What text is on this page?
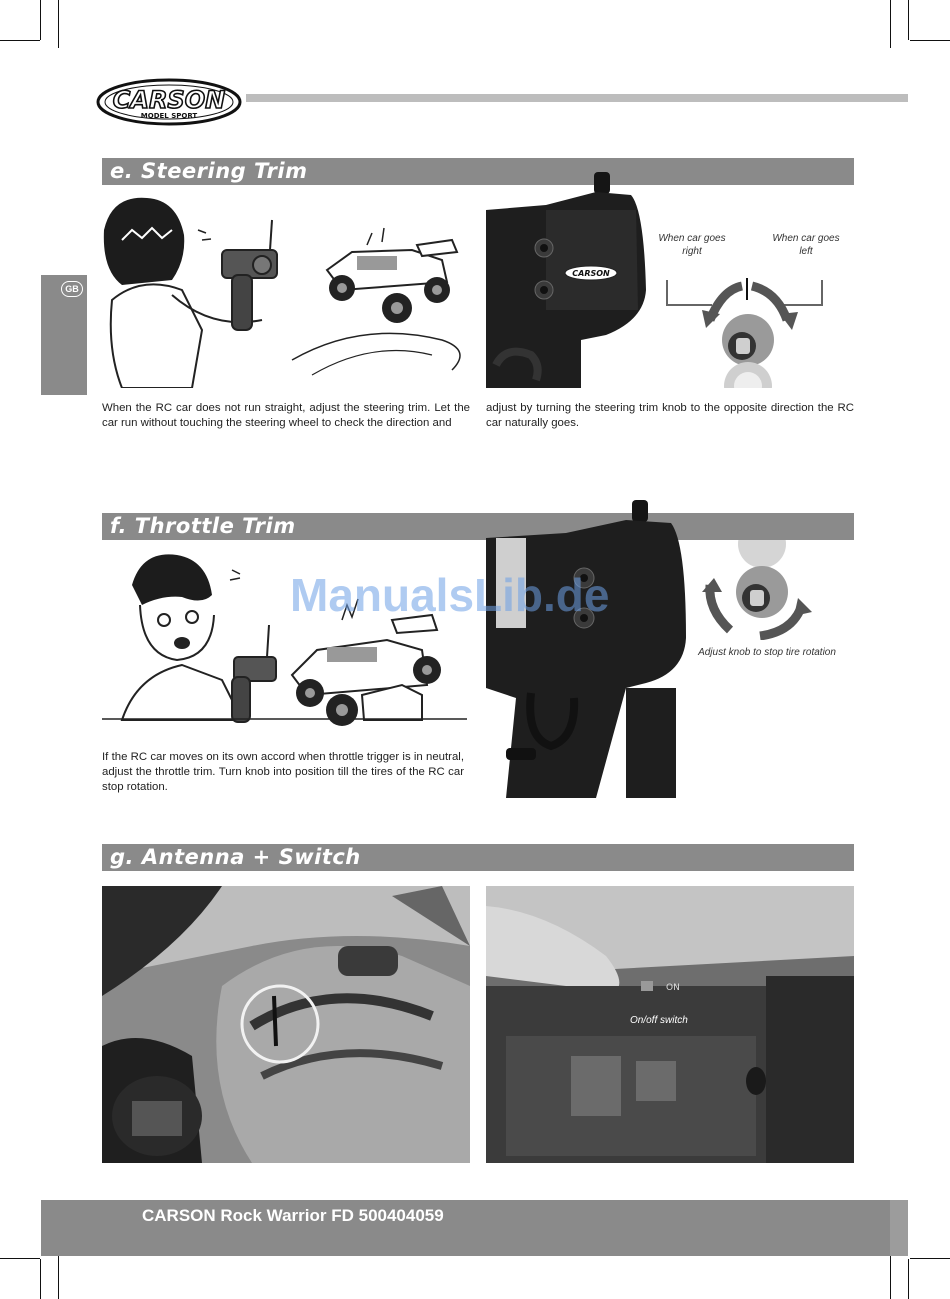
CARSON
MODEL SPORT
GB
e. Steering Trim
CARSON
When car goes right
When car goes left
When the RC car does not run straight, adjust the steering trim. Let the car run without touching the steering wheel to check the direction and
adjust by turning the steering trim knob to the opposite direction the RC car naturally goes.
f. Throttle Trim
Adjust knob to stop tire rotation
If the RC car moves on its own accord when throttle trigger is in neutral, adjust the throttle trim. Turn knob into position till the tires of the RC car stop rotation.
ManualsLib.de
g. Antenna + Switch
ON
On/off switch
CARSON Rock Warrior FD 500404059
